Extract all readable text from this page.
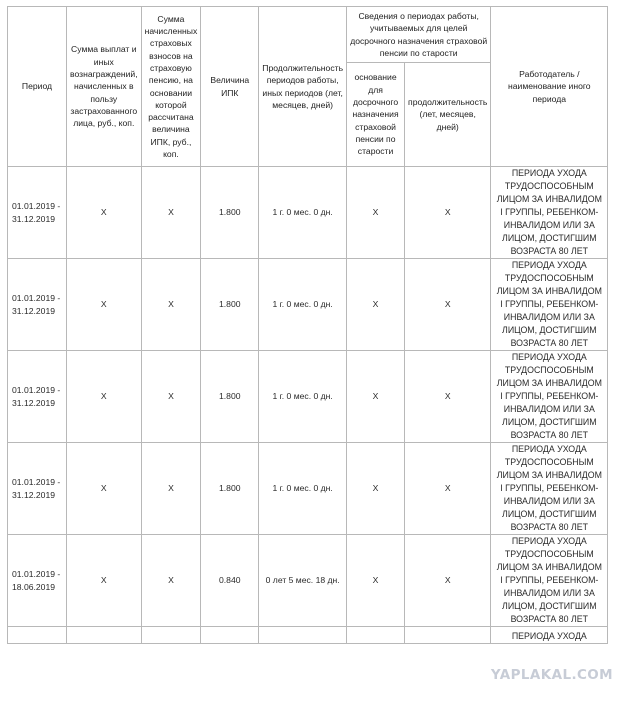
Период	Сумма выплат и иных вознаграждений, начисленных в пользу застрахованного лица, руб., коп.	Сумма начисленных страховых взносов на страховую пенсию, на основании которой рассчитана величина ИПК, руб., коп.	Величина ИПК	Продолжительность периодов работы, иных периодов (лет, месяцев, дней)	Сведения о периодах работы, учитываемых для целей досрочного назначения страховой пенсии по старости		Работодатель / наименование иного периода
					основание для досрочного назначения страховой пенсии по старости	продолжительность (лет, месяцев, дней)	
01.01.2019 - 31.12.2019	X	X	1.800	1 г. 0 мес. 0 дн.	X	X	ПЕРИОДА УХОДА ТРУДОСПОСОБНЫМ ЛИЦОМ ЗА ИНВАЛИДОМ I ГРУППЫ, РЕБЕНКОМ-ИНВАЛИДОМ ИЛИ ЗА ЛИЦОМ, ДОСТИГШИМ ВОЗРАСТА 80 ЛЕТ
01.01.2019 - 31.12.2019	X	X	1.800	1 г. 0 мес. 0 дн.	X	X	ПЕРИОДА УХОДА ТРУДОСПОСОБНЫМ ЛИЦОМ ЗА ИНВАЛИДОМ I ГРУППЫ, РЕБЕНКОМ-ИНВАЛИДОМ ИЛИ ЗА ЛИЦОМ, ДОСТИГШИМ ВОЗРАСТА 80 ЛЕТ
01.01.2019 - 31.12.2019	X	X	1.800	1 г. 0 мес. 0 дн.	X	X	ПЕРИОДА УХОДА ТРУДОСПОСОБНЫМ ЛИЦОМ ЗА ИНВАЛИДОМ I ГРУППЫ, РЕБЕНКОМ-ИНВАЛИДОМ ИЛИ ЗА ЛИЦОМ, ДОСТИГШИМ ВОЗРАСТА 80 ЛЕТ
01.01.2019 - 31.12.2019	X	X	1.800	1 г. 0 мес. 0 дн.	X	X	ПЕРИОДА УХОДА ТРУДОСПОСОБНЫМ ЛИЦОМ ЗА ИНВАЛИДОМ I ГРУППЫ, РЕБЕНКОМ-ИНВАЛИДОМ ИЛИ ЗА ЛИЦОМ, ДОСТИГШИМ ВОЗРАСТА 80 ЛЕТ
01.01.2019 - 18.06.2019	X	X	0.840	0 лет 5 мес. 18 дн.	X	X	ПЕРИОДА УХОДА ТРУДОСПОСОБНЫМ ЛИЦОМ ЗА ИНВАЛИДОМ I ГРУППЫ, РЕБЕНКОМ-ИНВАЛИДОМ ИЛИ ЗА ЛИЦОМ, ДОСТИГШИМ ВОЗРАСТА 80 ЛЕТ
							ПЕРИОДА УХОДА
YAPLAKAL.COM
